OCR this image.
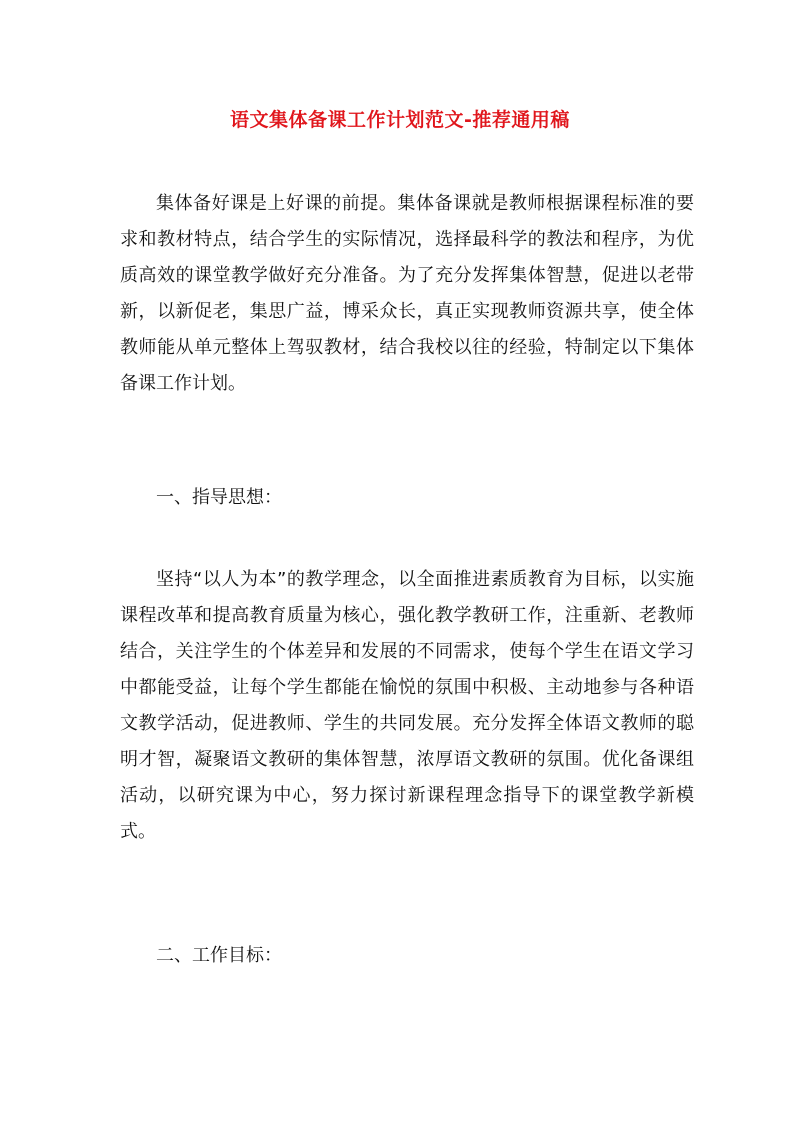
语文集体备课工作计划范文-推荐通用稿

集体备好课是上好课的前提。集体备课就是教师根据课程标准的要求和教材特点，结合学生的实际情况，选择最科学的教法和程序，为优质高效的课堂教学做好充分准备。为了充分发挥集体智慧，促进以老带新，以新促老，集思广益，博采众长，真正实现教师资源共享，使全体教师能从单元整体上驾驭教材，结合我校以往的经验，特制定以下集体备课工作计划。

一、指导思想：

坚持“以人为本”的教学理念，以全面推进素质教育为目标，以实施课程改革和提高教育质量为核心，强化教学教研工作，注重新、老教师结合，关注学生的个体差异和发展的不同需求，使每个学生在语文学习中都能受益，让每个学生都能在愉悦的氛围中积极、主动地参与各种语文教学活动，促进教师、学生的共同发展。充分发挥全体语文教师的聪明才智，凝聚语文教研的集体智慧，浓厚语文教研的氛围。优化备课组活动，以研究课为中心，努力探讨新课程理念指导下的课堂教学新模式。

二、工作目标：
